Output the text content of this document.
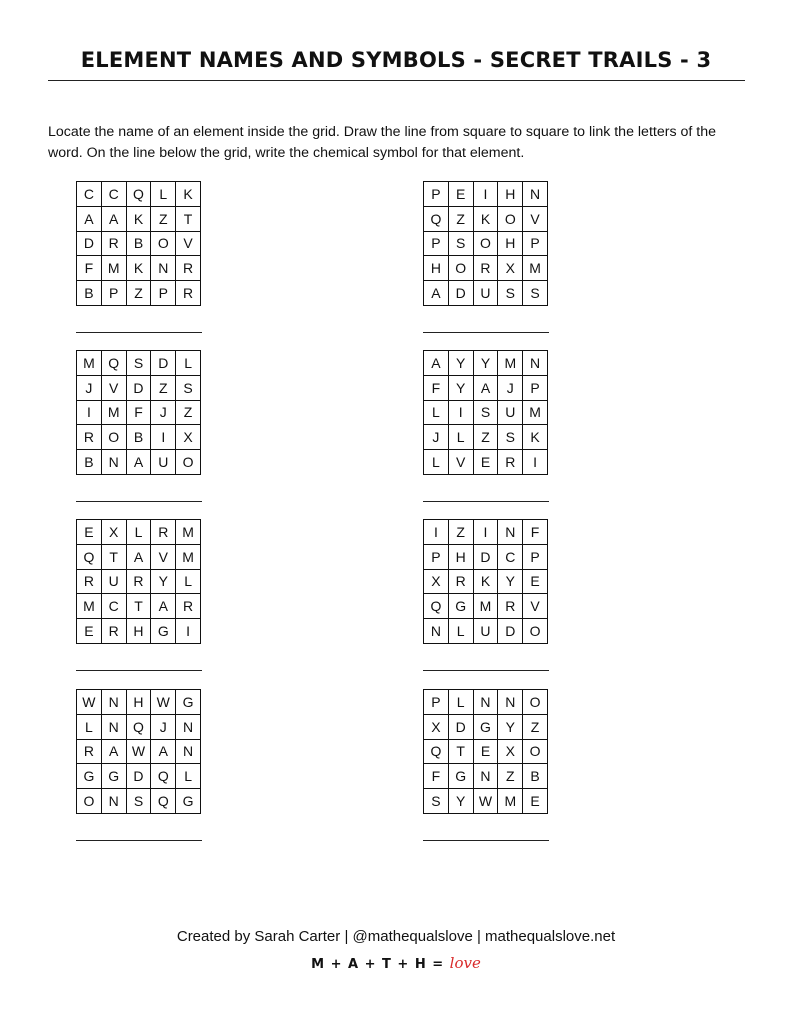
ELEMENT NAMES AND SYMBOLS - SECRET TRAILS - 3
Locate the name of an element inside the grid. Draw the line from square to square to link the letters of the word. On the line below the grid, write the chemical symbol for that element.
C	C	Q	L	K
A	A	K	Z	T
D	R	B	O	V
F	M	K	N	R
B	P	Z	P	R
P	E	I	H	N
Q	Z	K	O	V
P	S	O	H	P
H	O	R	X	M
A	D	U	S	S
M Q	S	D	L
J	V	D	Z	S
I	M	F	J	Z
R	O	B	I	X
B	N	A	U	O
A	Y	Y	M N
F	Y	A	J	P
L	I	S	U M
J	L	Z	S	K
L	V	E	R	I
E	X	L	R M
Q	T	A	V	M
R	U	R	Y	L
M C	T	A	R
E	R	H	G	I
I	Z	I	N	F
P	H	D	C	P
X	R	K	Y	E
Q G M R	V
N	L	U	D	O
W N	H W G
L	N	Q	J	N
R	A W A	N
G G	D	Q	L
O	N	S	Q G
P	L	N	N	O
X	D	G	Y	Z
Q	T	E	X	O
F	G	N	Z	B
S	Y W M	E
Created by Sarah Carter | @mathequalslove | mathequalslove.net
M + A + T + H = love
